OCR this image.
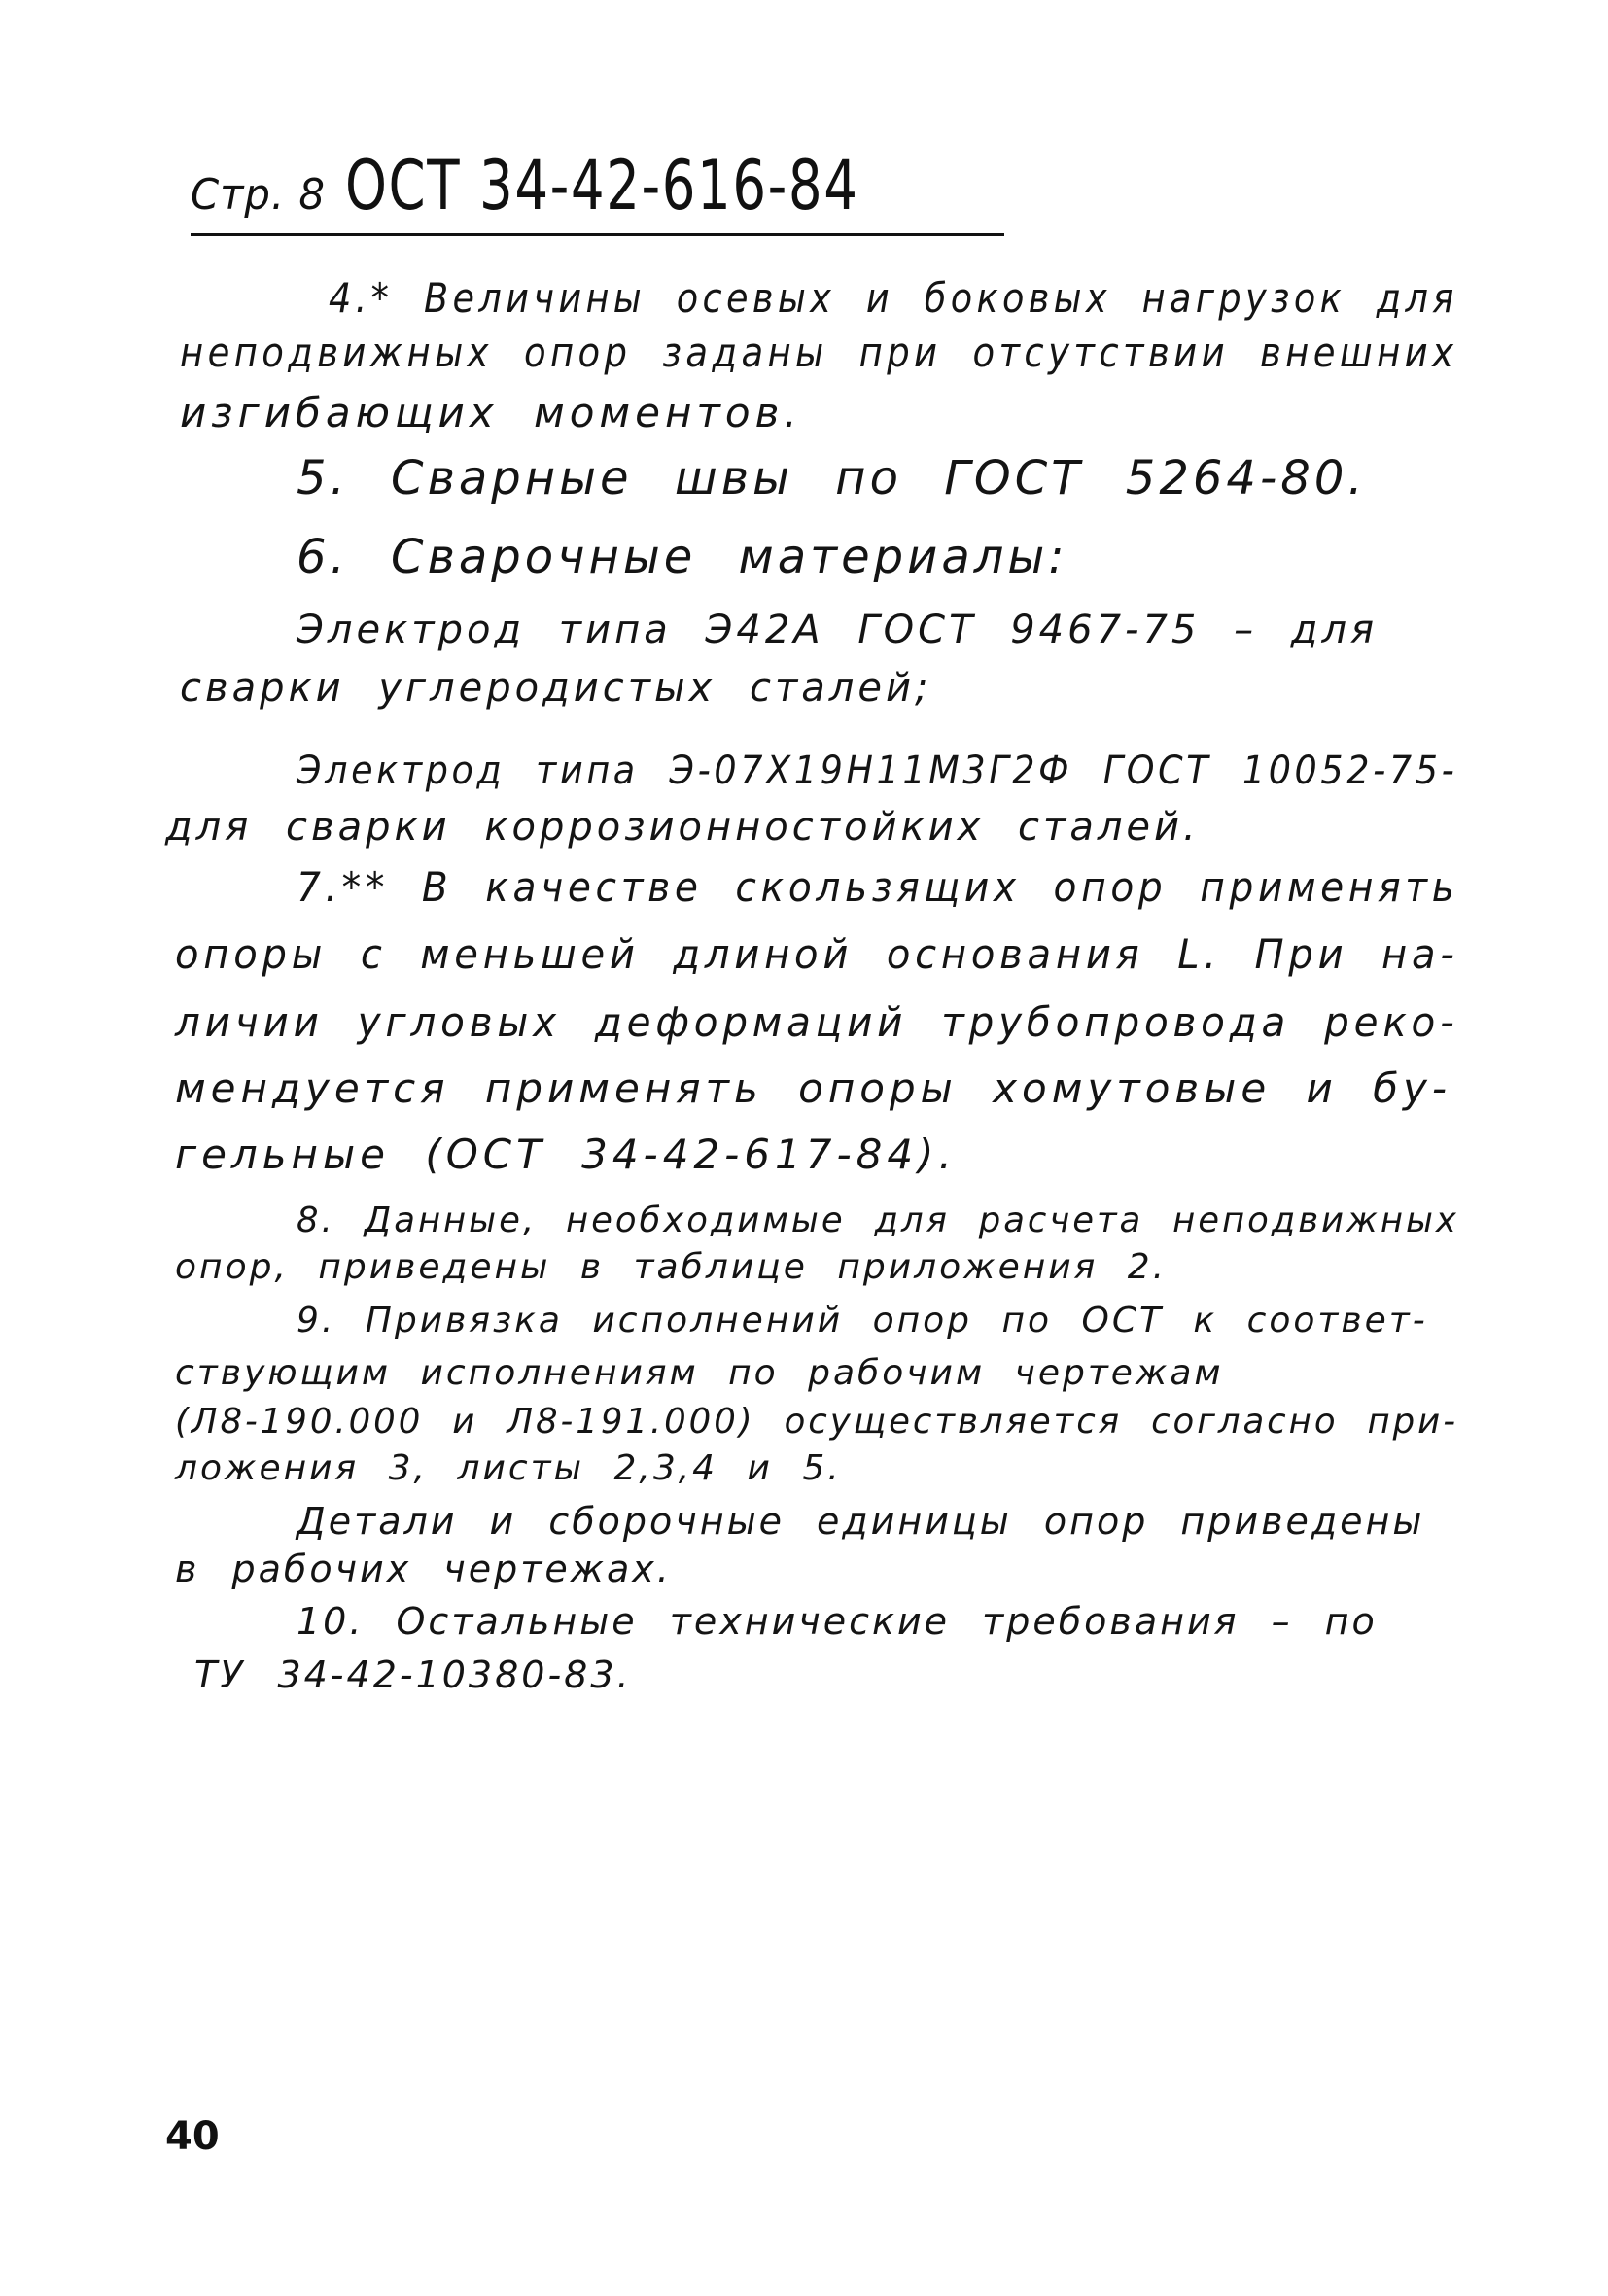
Стр. 8 ОСТ 34-42-616-84
4.* Величины осевых и боковых нагрузок для
неподвижных опор заданы при отсутствии внешних
изгибающих моментов.
5. Сварные швы по ГОСТ 5264-80.
6. Сварочные материалы:
Электрод типа Э42А ГОСТ 9467-75 – для
сварки углеродистых сталей;
Электрод типа Э-07Х19Н11М3Г2Ф ГОСТ 10052-75-
для сварки коррозионностойких сталей.
7.** В качестве скользящих опор применять
опоры с меньшей длиной основания L. При на-
личии угловых деформаций трубопровода реко-
мендуется применять опоры хомутовые и бу-
гельные (ОСТ 34-42-617-84).
8. Данные, необходимые для расчета неподвижных
опор, приведены в таблице приложения 2.
9. Привязка исполнений опор по ОСТ к соответ-
ствующим исполнениям по рабочим чертежам
(Л8-190.000 и Л8-191.000) осуществляется согласно при-
ложения 3, листы 2,3,4 и 5.
Детали и сборочные единицы опор приведены
в рабочих чертежах.
10. Остальные технические требования – по
ТУ 34-42-10380-83.
40
